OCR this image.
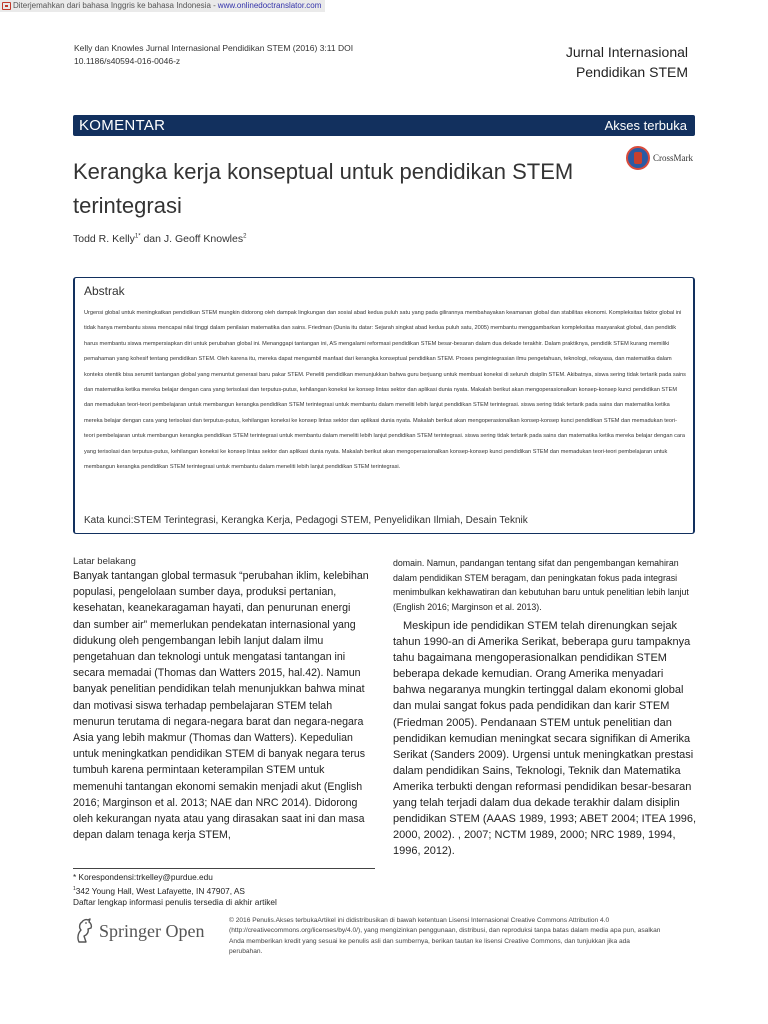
Diterjemahkan dari bahasa Inggris ke bahasa Indonesia - www.onlinedoctranslator.com
Kelly dan Knowles Jurnal Internasional Pendidikan STEM (2016) 3:11 DOI
10.1186/s40594-016-0046-z
Jurnal Internasional
Pendidikan STEM
KOMENTAR	Akses terbuka
CrossMark
Kerangka kerja konseptual untuk pendidikan STEM terintegrasi
Todd R. Kelly$^{1*}$ dan J. Geoff Knowles$^2$
Abstrak

Urgensi global untuk meningkatkan pendidikan STEM mungkin didorong oleh dampak lingkungan dan sosial abad kedua puluh satu yang pada gilirannya membahayakan keamanan global dan stabilitas ekonomi. Kompleksitas faktor global ini tidak hanya membantu siswa mencapai nilai tinggi dalam penilaian matematika dan sains. Friedman (Dunia itu datar: Sejarah singkat abad kedua puluh satu, 2005) membantu menggambarkan kompleksitas masyarakat global, dan pendidik harus membantu siswa mempersiapkan diri untuk perubahan global ini. Menanggapi tantangan ini, AS mengalami reformasi pendidikan STEM besar-besaran dalam dua dekade terakhir. Dalam praktiknya, pendidik STEM kurang memiliki pemahaman yang kohesif tentang pendidikan STEM. Oleh karena itu, mereka dapat mengambil manfaat dari kerangka konseptual pendidikan STEM. Proses pengintegrasian ilmu pengetahuan, teknologi, rekayasa, dan matematika dalam konteks otentik bisa serumit tantangan global yang menuntut generasi baru pakar STEM. Peneliti pendidikan menunjukkan bahwa guru berjuang untuk membuat koneksi di seluruh disiplin STEM. Akibatnya, siswa sering tidak tertarik pada sains dan matematika ketika mereka belajar dengan cara yang terisolasi dan terputus-putus, kehilangan koneksi ke konsep lintas sektor dan aplikasi dunia nyata. Makalah berikut akan mengoperasionalkan konsep-konsep kunci pendidikan STEM dan memadukan teori-teori pembelajaran untuk membangun kerangka pendidikan STEM terintegrasi untuk membantu dalam meneliti lebih lanjut pendidikan STEM terintegrasi. siswa sering tidak tertarik pada sains dan matematika ketika mereka belajar dengan cara yang terisolasi dan terputus-putus, kehilangan koneksi ke konsep lintas sektor dan aplikasi dunia nyata. Makalah berikut akan mengoperasionalkan konsep-konsep kunci pendidikan STEM dan memadukan teori-teori pembelajaran untuk membangun kerangka pendidikan STEM terintegrasi untuk membantu dalam meneliti lebih lanjut pendidikan STEM terintegrasi. siswa sering tidak tertarik pada sains dan matematika ketika mereka belajar dengan cara yang terisolasi dan terputus-putus, kehilangan koneksi ke konsep lintas sektor dan aplikasi dunia nyata. Makalah berikut akan mengoperasionalkan konsep-konsep kunci pendidikan STEM dan memadukan teori-teori pembelajaran untuk membangun kerangka pendidikan STEM terintegrasi untuk membantu dalam meneliti lebih lanjut pendidikan STEM terintegrasi.

Kata kunci:STEM Terintegrasi, Kerangka Kerja, Pedagogi STEM, Penyelidikan Ilmiah, Desain Teknik
Latar belakang

Banyak tantangan global termasuk “perubahan iklim, kelebihan populasi, pengelolaan sumber daya, produksi pertanian, kesehatan, keanekaragaman hayati, dan penurunan energi dan sumber air” memerlukan pendekatan internasional yang didukung oleh pengembangan lebih lanjut dalam ilmu pengetahuan dan teknologi untuk mengatasi tantangan ini secara memadai (Thomas dan Watters 2015, hal.42). Namun banyak penelitian pendidikan telah menunjukkan bahwa minat dan motivasi siswa terhadap pembelajaran STEM telah menurun terutama di negara-negara barat dan negara-negara Asia yang lebih makmur (Thomas dan Watters). Kepedulian untuk meningkatkan pendidikan STEM di banyak negara terus tumbuh karena permintaan keterampilan STEM untuk memenuhi tantangan ekonomi semakin menjadi akut (English 2016; Marginson et al. 2013; NAE dan NRC 2014). Didorong oleh kekurangan nyata atau yang dirasakan saat ini dan masa depan dalam tenaga kerja STEM,

domain. Namun, pandangan tentang sifat dan pengembangan kemahiran dalam pendidikan STEM beragam, dan peningkatan fokus pada integrasi menimbulkan kekhawatiran dan kebutuhan baru untuk penelitian lebih lanjut (English 2016; Marginson et al. 2013).

Meskipun ide pendidikan STEM telah direnungkan sejak tahun 1990-an di Amerika Serikat, beberapa guru tampaknya tahu bagaimana mengoperasionalkan pendidikan STEM beberapa dekade kemudian. Orang Amerika menyadari bahwa negaranya mungkin tertinggal dalam ekonomi global dan mulai sangat fokus pada pendidikan dan karir STEM (Friedman 2005). Pendanaan STEM untuk penelitian dan pendidikan kemudian meningkat secara signifikan di Amerika Serikat (Sanders 2009). Urgensi untuk meningkatkan prestasi dalam pendidikan Sains, Teknologi, Teknik dan Matematika Amerika terbukti dengan reformasi pendidikan besar-besaran yang telah terjadi dalam dua dekade terakhir dalam disiplin pendidikan STEM (AAAS 1989, 1993; ABET 2004; ITEA 1996, 2000, 2002). , 2007; NCTM 1989, 2000; NRC 1989, 1994, 1996, 2012).

* Korespondensi:trkelley@purdue.edu
$^1$342 Young Hall, West Lafayette, IN 47907, AS
Daftar lengkap informasi penulis tersedia di akhir artikel
Springer Open	© 2016 Penulis.Akses terbukaArtikel ini didistribusikan di bawah ketentuan Lisensi Internasional Creative Commons Attribution 4.0 (http://creativecommons.org/licenses/by/4.0/), yang mengizinkan penggunaan, distribusi, dan reproduksi tanpa batas dalam media apa pun, asalkan Anda memberikan kredit yang sesuai ke penulis asli dan sumbernya, berikan tautan ke lisensi Creative Commons, dan tunjukkan jika ada perubahan.
